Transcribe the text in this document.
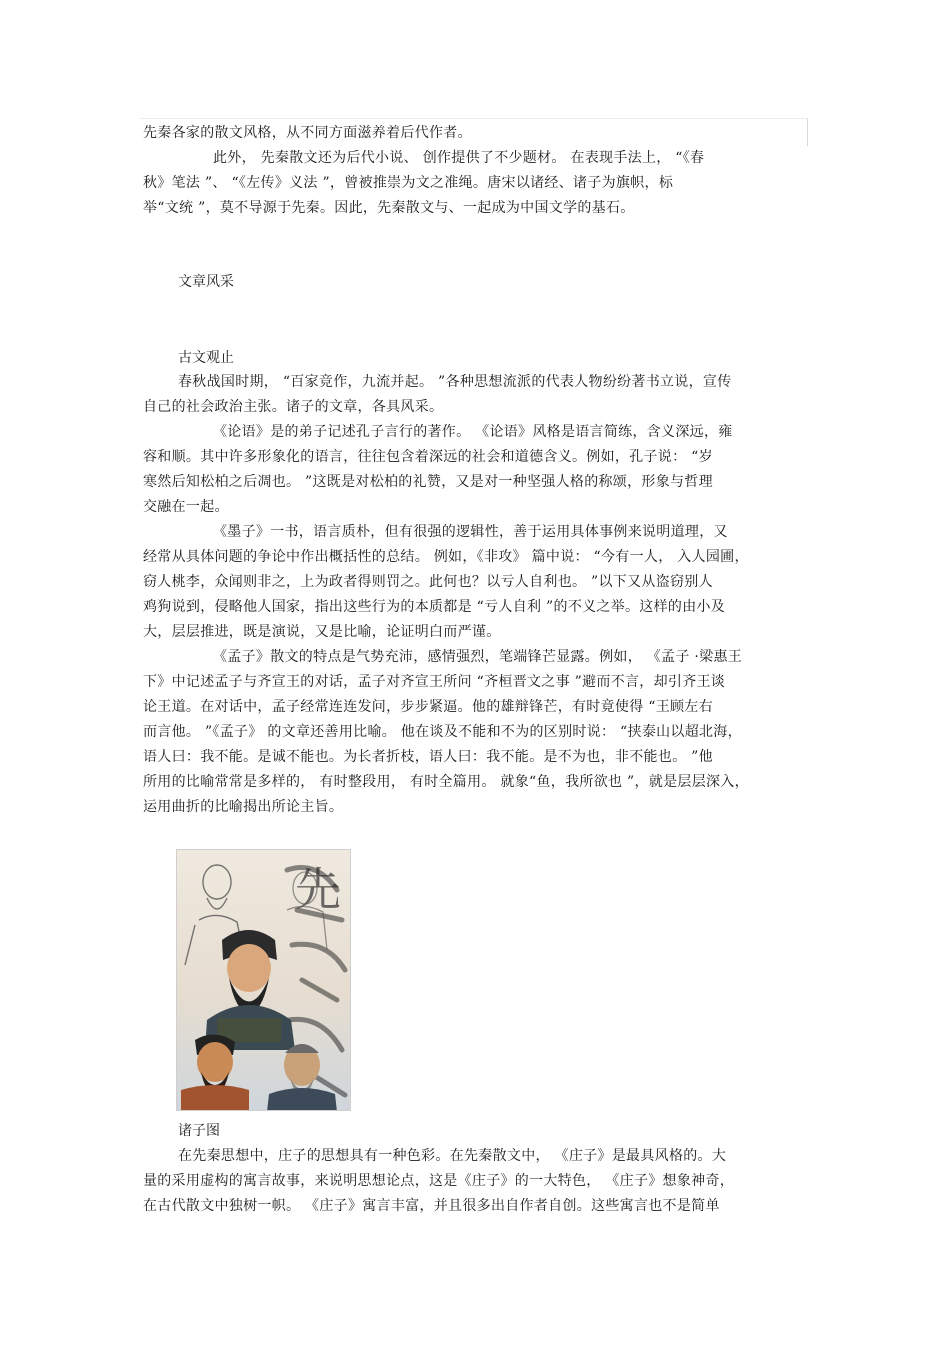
先秦各家的散文风格，从不同方面滋养着后代作者。
此外， 先秦散文还为后代小说、 创作提供了不少题材。 在表现手法上， “《春
秋》笔法 ”、 “《左传》义法 ”，曾被推崇为文之准绳。唐宋以诸经、诸子为旗帜，标
举“文统 ”，莫不导源于先秦。因此，先秦散文与、一起成为中国文学的基石。
文章风采
古文观止
春秋战国时期， “百家竞作，九流并起。 ”各种思想流派的代表人物纷纷著书立说，宣传
自己的社会政治主张。诸子的文章，各具风采。
《论语》是的弟子记述孔子言行的著作。 《论语》风格是语言简练，含义深远，雍
容和顺。其中许多形象化的语言，往往包含着深远的社会和道德含义。例如，孔子说： “岁
寒然后知松柏之后凋也。 ”这既是对松柏的礼赞，又是对一种坚强人格的称颂，形象与哲理
交融在一起。
《墨子》一书，语言质朴，但有很强的逻辑性，善于运用具体事例来说明道理，又
经常从具体问题的争论中作出概括性的总结。 例如，《非攻》 篇中说： “今有一人， 入人园圃，
窃人桃李，众闻则非之，上为政者得则罚之。此何也？以亏人自利也。 ”以下又从盗窃别人
鸡狗说到，侵略他人国家，指出这些行为的本质都是 “亏人自利 ”的不义之举。这样的由小及
大，层层推进，既是演说，又是比喻，论证明白而严谨。
《孟子》散文的特点是气势充沛，感情强烈，笔端锋芒显露。例如， 《孟子 ·梁惠王
下》中记述孟子与齐宣王的对话，孟子对齐宣王所问 “齐桓晋文之事 ”避而不言，却引齐王谈
论王道。在对话中，孟子经常连连发问，步步紧逼。他的雄辩锋芒，有时竟使得 “王顾左右
而言他。 ”《孟子》 的文章还善用比喻。 他在谈及不能和不为的区别时说： “挟泰山以超北海，
语人曰：我不能。是诚不能也。为长者折枝，语人曰：我不能。是不为也，非不能也。 ”他
所用的比喻常常是多样的， 有时整段用， 有时全篇用。 就象“鱼，我所欲也 ”，就是层层深入，
运用曲折的比喻揭出所论主旨。
先
诸子图
在先秦思想中，庄子的思想具有一种色彩。在先秦散文中， 《庄子》是最具风格的。大
量的采用虚构的寓言故事，来说明思想论点，这是《庄子》的一大特色， 《庄子》想象神奇，
在古代散文中独树一帜。 《庄子》寓言丰富，并且很多出自作者自创。这些寓言也不是简单
